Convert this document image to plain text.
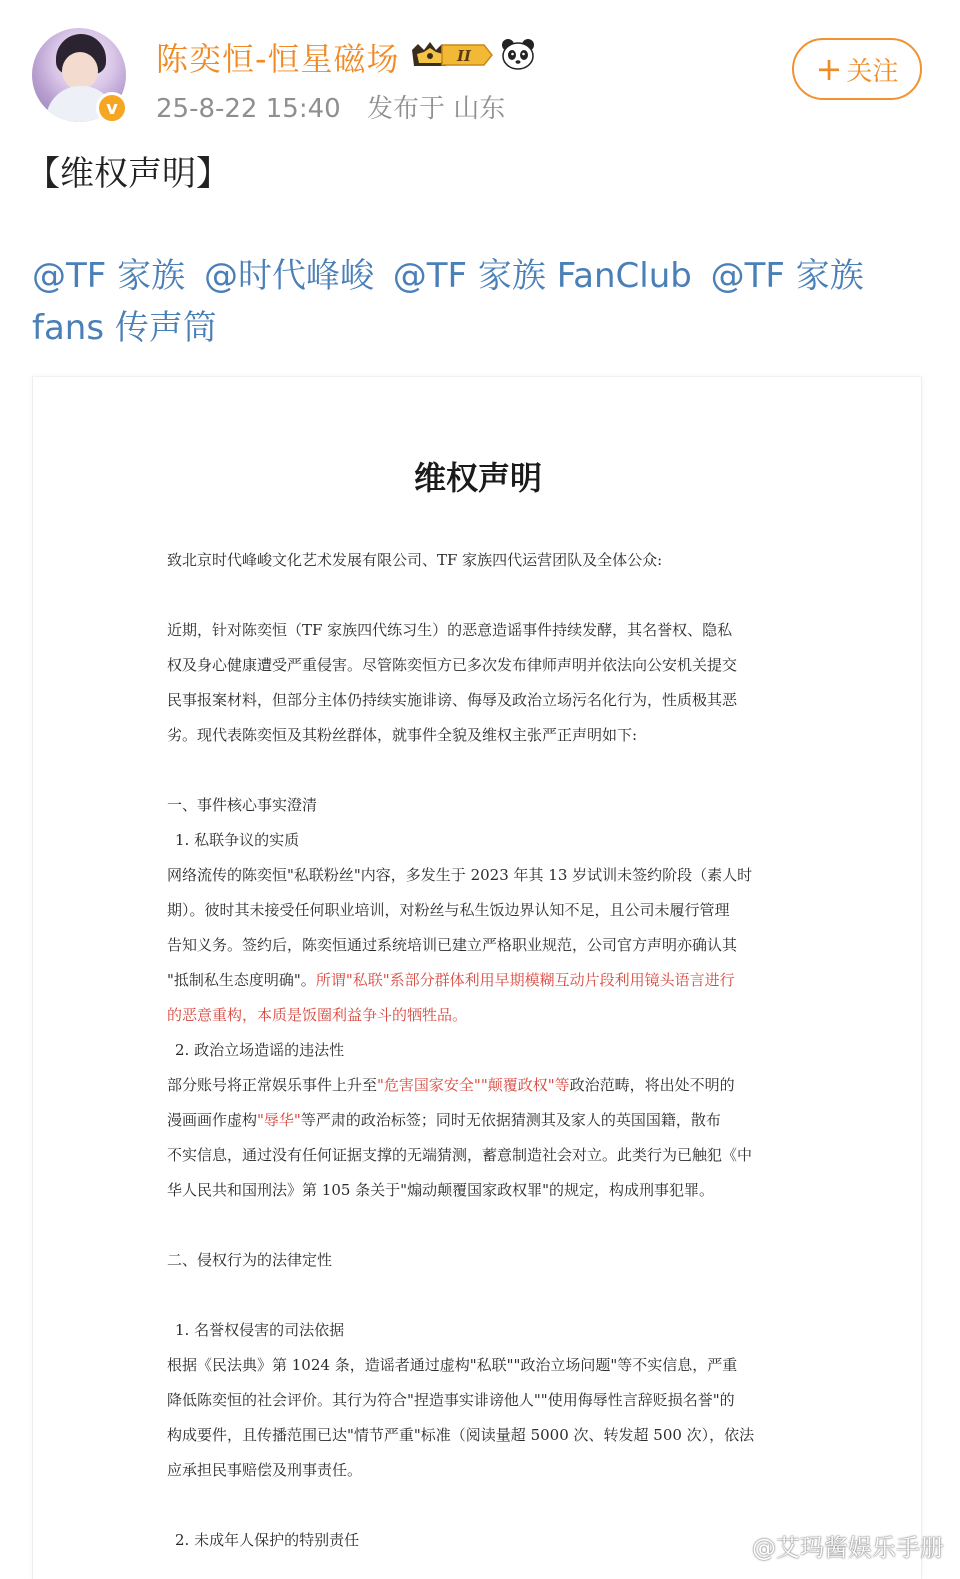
v
陈奕恒-恒星磁场	II
25-8-22 15:40 发布于 山东
+ 关注
【维权声明】
@TF 家族 @时代峰峻 @TF 家族 FanClub @TF 家族 fans 传声筒
维权声明

致北京时代峰峻文化艺术发展有限公司、TF 家族四代运营团队及全体公众:

近期，针对陈奕恒（TF 家族四代练习生）的恶意造谣事件持续发酵，其名誉权、隐私

权及身心健康遭受严重侵害。尽管陈奕恒方已多次发布律师声明并依法向公安机关提交

民事报案材料，但部分主体仍持续实施诽谤、侮辱及政治立场污名化行为，性质极其恶

劣。现代表陈奕恒及其粉丝群体，就事件全貌及维权主张严正声明如下:

一、事件核心事实澄清

1. 私联争议的实质

网络流传的陈奕恒"私联粉丝"内容，多发生于 2023 年其 13 岁试训未签约阶段（素人时

期）。彼时其未接受任何职业培训，对粉丝与私生饭边界认知不足，且公司未履行管理

告知义务。签约后，陈奕恒通过系统培训已建立严格职业规范，公司官方声明亦确认其

"抵制私生态度明确"。所谓"私联"系部分群体利用早期模糊互动片段利用镜头语言进行

的恶意重构，本质是饭圈利益争斗的牺牲品。

2. 政治立场造谣的违法性

部分账号将正常娱乐事件上升至"危害国家安全""颠覆政权"等政治范畴，将出处不明的

漫画画作虚构"辱华"等严肃的政治标签；同时无依据猜测其及家人的英国国籍，散布

不实信息，通过没有任何证据支撑的无端猜测，蓄意制造社会对立。此类行为已触犯《中

华人民共和国刑法》第 105 条关于"煽动颠覆国家政权罪"的规定，构成刑事犯罪。

二、侵权行为的法律定性

1. 名誉权侵害的司法依据

根据《民法典》第 1024 条，造谣者通过虚构"私联""政治立场问题"等不实信息，严重

降低陈奕恒的社会评价。其行为符合"捏造事实诽谤他人""使用侮辱性言辞贬损名誉"的

构成要件，且传播范围已达"情节严重"标准（阅读量超 5000 次、转发超 500 次），依法

应承担民事赔偿及刑事责任。

2. 未成年人保护的特别责任	@艾玛酱娱乐手册
